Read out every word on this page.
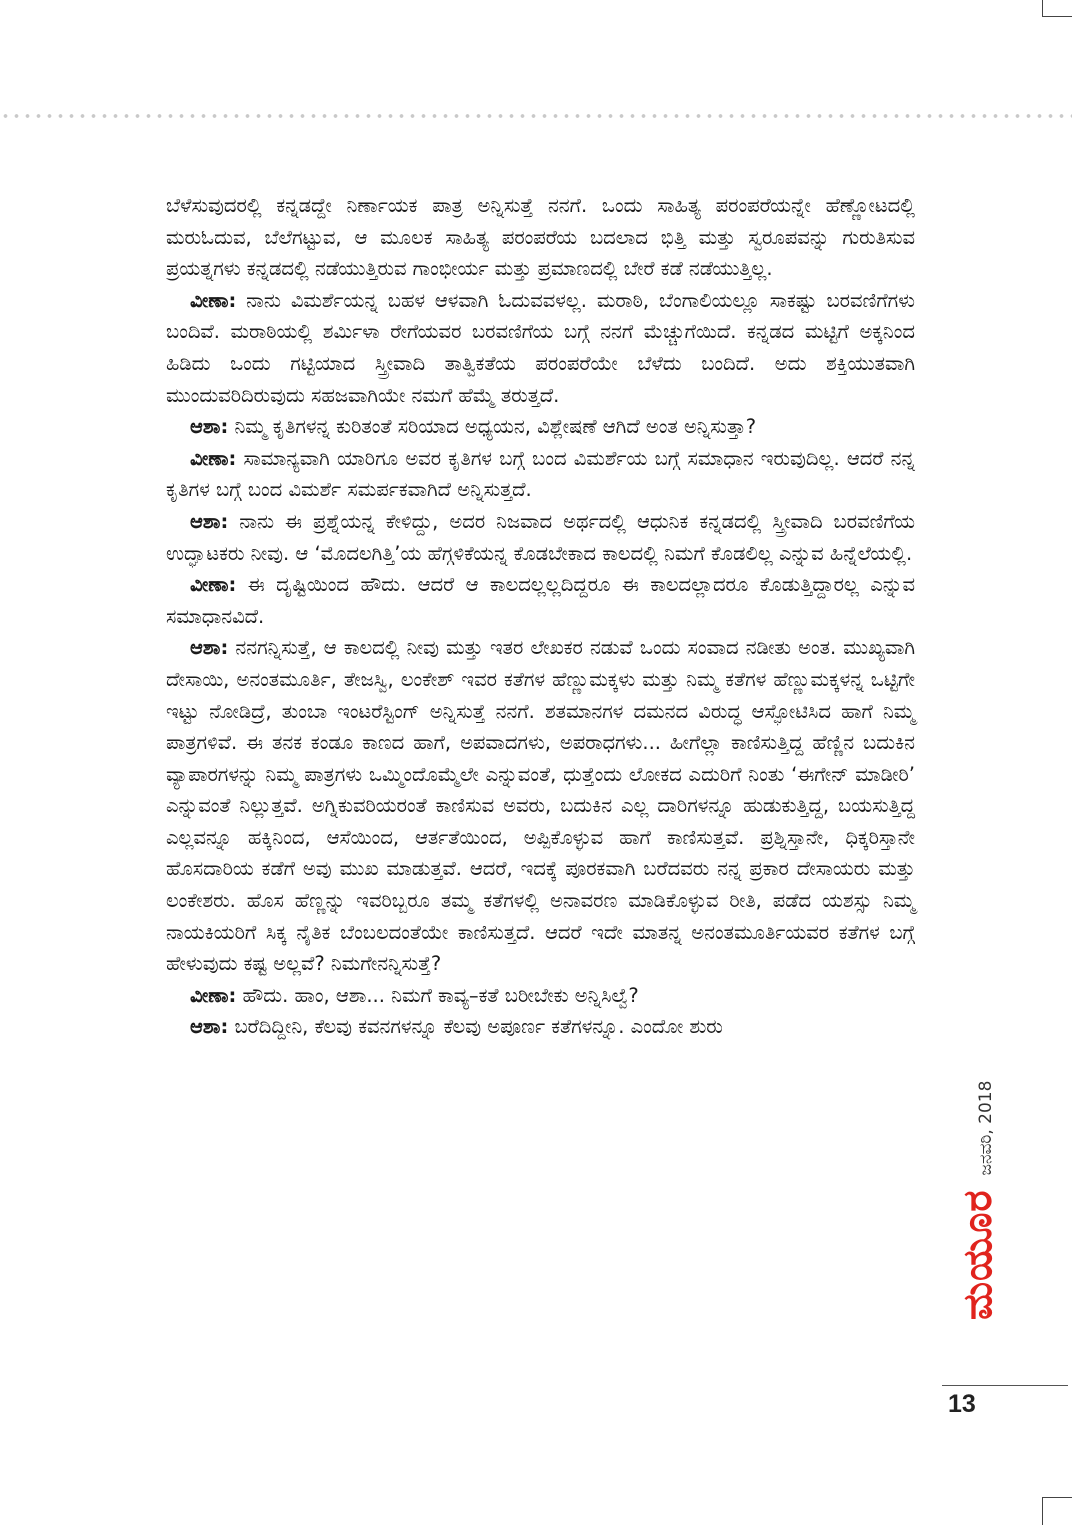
ಬೆಳೆಸುವುದರಲ್ಲಿ ಕನ್ನಡದ್ದೇ ನಿರ್ಣಾಯಕ ಪಾತ್ರ ಅನ್ನಿಸುತ್ತೆ ನನಗೆ. ಒಂದು ಸಾಹಿತ್ಯ ಪರಂಪರೆಯನ್ನೇ ಹೆಣ್ಣೋಟದಲ್ಲಿ ಮರುಓದುವ, ಬೆಲೆಗಟ್ಟುವ, ಆ ಮೂಲಕ ಸಾಹಿತ್ಯ ಪರಂಪರೆಯ ಬದಲಾದ ಭಿತ್ತಿ ಮತ್ತು ಸ್ವರೂಪವನ್ನು ಗುರುತಿಸುವ ಪ್ರಯತ್ನಗಳು ಕನ್ನಡದಲ್ಲಿ ನಡೆಯುತ್ತಿರುವ ಗಾಂಭೀರ್ಯ ಮತ್ತು ಪ್ರಮಾಣದಲ್ಲಿ ಬೇರೆ ಕಡೆ ನಡೆಯುತ್ತಿಲ್ಲ.

ವೀಣಾ: ನಾನು ವಿಮರ್ಶೆಯನ್ನ ಬಹಳ ಆಳವಾಗಿ ಓದುವವಳಲ್ಲ. ಮರಾಠಿ, ಬೆಂಗಾಲಿಯಲ್ಲೂ ಸಾಕಷ್ಟು ಬರವಣಿಗೆಗಳು ಬಂದಿವೆ. ಮರಾಠಿಯಲ್ಲಿ ಶರ್ಮಿಳಾ ರೇಗೆಯವರ ಬರವಣಿಗೆಯ ಬಗ್ಗೆ ನನಗೆ ಮೆಚ್ಚುಗೆಯಿದೆ. ಕನ್ನಡದ ಮಟ್ಟಿಗೆ ಅಕ್ಕನಿಂದ ಹಿಡಿದು ಒಂದು ಗಟ್ಟಿಯಾದ ಸ್ತ್ರೀವಾದಿ ತಾತ್ವಿಕತೆಯ ಪರಂಪರೆಯೇ ಬೆಳೆದು ಬಂದಿದೆ. ಅದು ಶಕ್ತಿಯುತವಾಗಿ ಮುಂದುವರಿದಿರುವುದು ಸಹಜವಾಗಿಯೇ ನಮಗೆ ಹೆಮ್ಮೆ ತರುತ್ತದೆ.

ಆಶಾ: ನಿಮ್ಮ ಕೃತಿಗಳನ್ನ ಕುರಿತಂತೆ ಸರಿಯಾದ ಅಧ್ಯಯನ, ವಿಶ್ಲೇಷಣೆ ಆಗಿದೆ ಅಂತ ಅನ್ನಿಸುತ್ತಾ?

ವೀಣಾ: ಸಾಮಾನ್ಯವಾಗಿ ಯಾರಿಗೂ ಅವರ ಕೃತಿಗಳ ಬಗ್ಗೆ ಬಂದ ವಿಮರ್ಶೆಯ ಬಗ್ಗೆ ಸಮಾಧಾನ ಇರುವುದಿಲ್ಲ. ಆದರೆ ನನ್ನ ಕೃತಿಗಳ ಬಗ್ಗೆ ಬಂದ ವಿಮರ್ಶೆ ಸಮರ್ಪಕವಾಗಿದೆ ಅನ್ನಿಸುತ್ತದೆ.

ಆಶಾ: ನಾನು ಈ ಪ್ರಶ್ನೆಯನ್ನ ಕೇಳಿದ್ದು, ಅದರ ನಿಜವಾದ ಅರ್ಥದಲ್ಲಿ ಆಧುನಿಕ ಕನ್ನಡದಲ್ಲಿ ಸ್ತ್ರೀವಾದಿ ಬರವಣಿಗೆಯ ಉದ್ಘಾಟಕರು ನೀವು. ಆ ‘ಮೊದಲಗಿತ್ತಿ’ಯ ಹೆಗ್ಗಳಿಕೆಯನ್ನ ಕೊಡಬೇಕಾದ ಕಾಲದಲ್ಲಿ ನಿಮಗೆ ಕೊಡಲಿಲ್ಲ ಎನ್ನುವ ಹಿನ್ನೆಲೆಯಲ್ಲಿ.

ವೀಣಾ: ಈ ದೃಷ್ಟಿಯಿಂದ ಹೌದು. ಆದರೆ ಆ ಕಾಲದಲ್ಲಲ್ಲದಿದ್ದರೂ ಈ ಕಾಲದಲ್ಲಾದರೂ ಕೊಡುತ್ತಿದ್ದಾರಲ್ಲ ಎನ್ನುವ ಸಮಾಧಾನವಿದೆ.

ಆಶಾ: ನನಗನ್ನಿಸುತ್ತೆ, ಆ ಕಾಲದಲ್ಲಿ ನೀವು ಮತ್ತು ಇತರ ಲೇಖಕರ ನಡುವೆ ಒಂದು ಸಂವಾದ ನಡೀತು ಅಂತ. ಮುಖ್ಯವಾಗಿ ದೇಸಾಯಿ, ಅನಂತಮೂರ್ತಿ, ತೇಜಸ್ವಿ, ಲಂಕೇಶ್ ಇವರ ಕತೆಗಳ ಹೆಣ್ಣುಮಕ್ಕಳು ಮತ್ತು ನಿಮ್ಮ ಕತೆಗಳ ಹೆಣ್ಣುಮಕ್ಕಳನ್ನ ಒಟ್ಟಿಗೇ ಇಟ್ಟು ನೋಡಿದ್ರೆ, ತುಂಬಾ ಇಂಟರೆಸ್ಟಿಂಗ್ ಅನ್ನಿಸುತ್ತೆ ನನಗೆ. ಶತಮಾನಗಳ ದಮನದ ವಿರುದ್ಧ ಆಸ್ಫೋಟಿಸಿದ ಹಾಗೆ ನಿಮ್ಮ ಪಾತ್ರಗಳಿವೆ. ಈ ತನಕ ಕಂಡೂ ಕಾಣದ ಹಾಗೆ, ಅಪವಾದಗಳು, ಅಪರಾಧಗಳು... ಹೀಗೆಲ್ಲಾ ಕಾಣಿಸುತ್ತಿದ್ದ ಹೆಣ್ಣಿನ ಬದುಕಿನ ವ್ಯಾಪಾರಗಳನ್ನು ನಿಮ್ಮ ಪಾತ್ರಗಳು ಒಮ್ಮಿಂದೊಮ್ಮೆಲೇ ಎನ್ನುವಂತೆ, ಧುತ್ತೆಂದು ಲೋಕದ ಎದುರಿಗೆ ನಿಂತು ‘ಈಗೇನ್ ಮಾಡೀರಿ’ ಎನ್ನುವಂತೆ ನಿಲ್ಲುತ್ತವೆ. ಅಗ್ನಿಕುವರಿಯರಂತೆ ಕಾಣಿಸುವ ಅವರು, ಬದುಕಿನ ಎಲ್ಲ ದಾರಿಗಳನ್ನೂ ಹುಡುಕುತ್ತಿದ್ದ, ಬಯಸುತ್ತಿದ್ದ ಎಲ್ಲವನ್ನೂ ಹಕ್ಕಿನಿಂದ, ಆಸೆಯಿಂದ, ಆರ್ತತೆಯಿಂದ, ಅಪ್ಪಿಕೊಳ್ಳುವ ಹಾಗೆ ಕಾಣಿಸುತ್ತವೆ. ಪ್ರಶ್ನಿಸ್ತಾನೇ, ಧಿಕ್ಕರಿಸ್ತಾನೇ ಹೊಸದಾರಿಯ ಕಡೆಗೆ ಅವು ಮುಖ ಮಾಡುತ್ತವೆ. ಆದರೆ, ಇದಕ್ಕೆ ಪೂರಕವಾಗಿ ಬರೆದವರು ನನ್ನ ಪ್ರಕಾರ ದೇಸಾಯರು ಮತ್ತು ಲಂಕೇಶರು. ಹೊಸ ಹೆಣ್ಣನ್ನು ಇವರಿಬ್ಬರೂ ತಮ್ಮ ಕತೆಗಳಲ್ಲಿ ಅನಾವರಣ ಮಾಡಿಕೊಳ್ಳುವ ರೀತಿ, ಪಡೆದ ಯಶಸ್ಸು ನಿಮ್ಮ ನಾಯಕಿಯರಿಗೆ ಸಿಕ್ಕ ನೈತಿಕ ಬೆಂಬಲದಂತೆಯೇ ಕಾಣಿಸುತ್ತದೆ. ಆದರೆ ಇದೇ ಮಾತನ್ನ ಅನಂತಮೂರ್ತಿಯವರ ಕತೆಗಳ ಬಗ್ಗೆ ಹೇಳುವುದು ಕಷ್ಟ ಅಲ್ಲವೆ? ನಿಮಗೇನನ್ನಿಸುತ್ತೆ?

ವೀಣಾ: ಹೌದು. ಹಾಂ, ಆಶಾ... ನಿಮಗೆ ಕಾವ್ಯ–ಕತೆ ಬರೀಬೇಕು ಅನ್ನಿಸಿಲ್ವೆ?

ಆಶಾ: ಬರೆದಿದ್ದೀನಿ, ಕೆಲವು ಕವನಗಳನ್ನೂ ಕೆಲವು ಅಪೂರ್ಣ ಕತೆಗಳನ್ನೂ. ಎಂದೋ ಶುರು

ಮಯೂರ
ಜನವರಿ, 2018
13
